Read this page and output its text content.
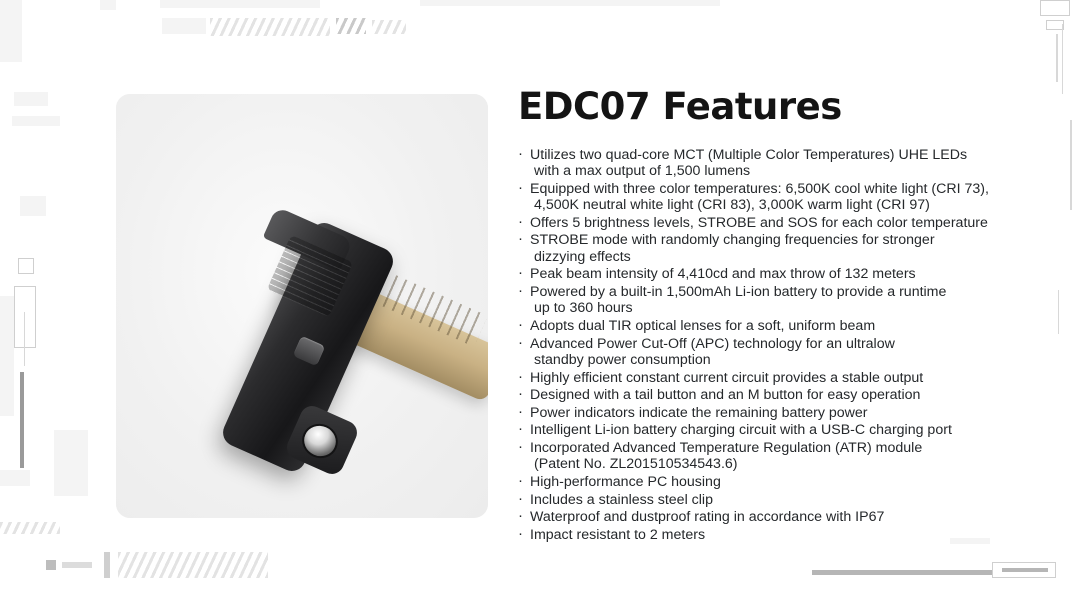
EDC07 Features
· Utilizes two quad-core MCT (Multiple Color Temperatures) UHE LEDs
with a max output of 1,500 lumens
· Equipped with three color temperatures: 6,500K cool white light (CRI 73),
4,500K neutral white light (CRI 83), 3,000K warm light (CRI 97)
· Offers 5 brightness levels, STROBE and SOS for each color temperature
· STROBE mode with randomly changing frequencies for stronger
dizzying effects
· Peak beam intensity of 4,410cd and max throw of 132 meters
· Powered by a built-in 1,500mAh Li-ion battery to provide a runtime
up to 360 hours
· Adopts dual TIR optical lenses for a soft, uniform beam
· Advanced Power Cut-Off (APC) technology for an ultralow
standby power consumption
· Highly efficient constant current circuit provides a stable output
· Designed with a tail button and an M button for easy operation
· Power indicators indicate the remaining battery power
· Intelligent Li-ion battery charging circuit with a USB-C charging port
· Incorporated Advanced Temperature Regulation (ATR) module
(Patent No. ZL201510534543.6)
· High-performance PC housing
· Includes a stainless steel clip
· Waterproof and dustproof rating in accordance with IP67
· Impact resistant to 2 meters
